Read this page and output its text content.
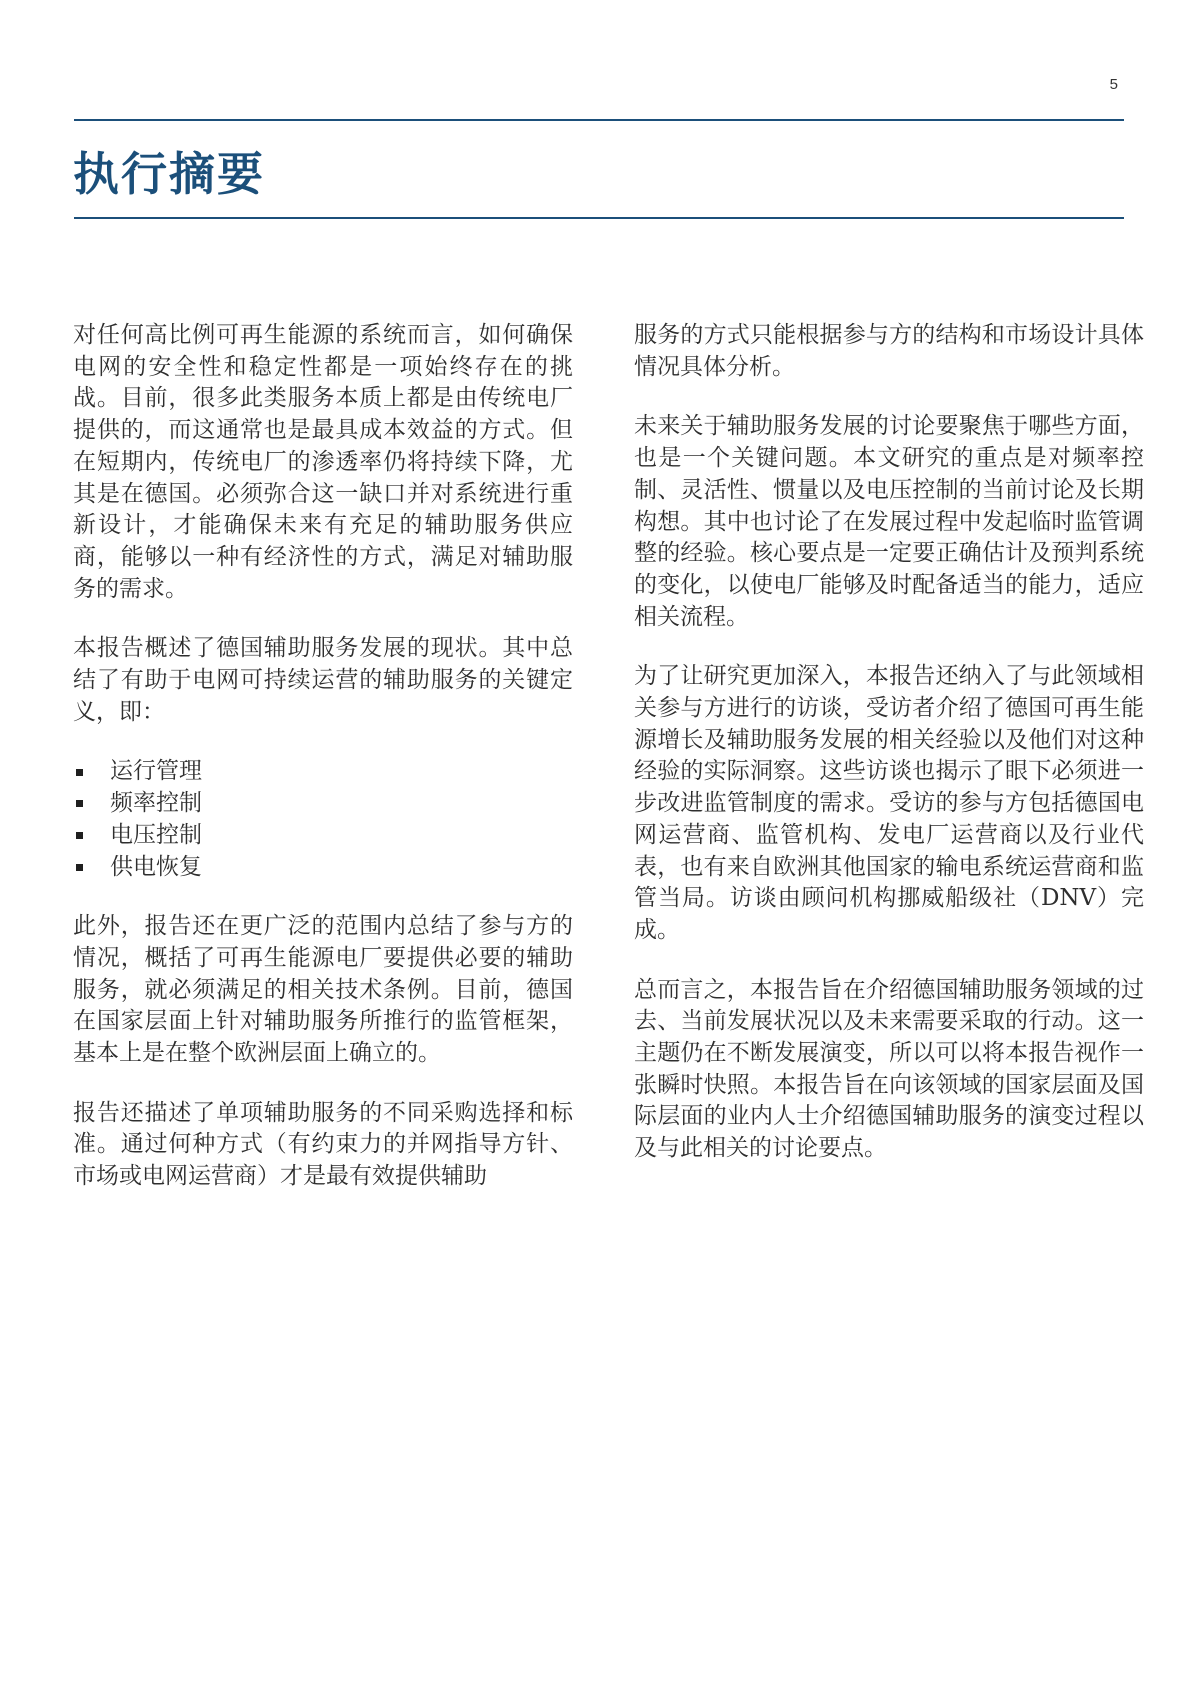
5
执行摘要

对任何高比例可再生能源的系统而言，如何确保电网的安全性和稳定性都是一项始终存在的挑战。目前，很多此类服务本质上都是由传统电厂提供的，而这通常也是最具成本效益的方式。但在短期内，传统电厂的渗透率仍将持续下降，尤其是在德国。必须弥合这一缺口并对系统进行重新设计，才能确保未来有充足的辅助服务供应商，能够以一种有经济性的方式，满足对辅助服务的需求。

本报告概述了德国辅助服务发展的现状。其中总结了有助于电网可持续运营的辅助服务的关键定义，即：

运行管理
频率控制
电压控制
供电恢复

此外，报告还在更广泛的范围内总结了参与方的情况，概括了可再生能源电厂要提供必要的辅助服务，就必须满足的相关技术条例。目前，德国在国家层面上针对辅助服务所推行的监管框架，基本上是在整个欧洲层面上确立的。

报告还描述了单项辅助服务的不同采购选择和标准。通过何种方式（有约束力的并网指导方针、市场或电网运营商）才是最有效提供辅助

服务的方式只能根据参与方的结构和市场设计具体情况具体分析。

未来关于辅助服务发展的讨论要聚焦于哪些方面，也是一个关键问题。本文研究的重点是对频率控制、灵活性、惯量以及电压控制的当前讨论及长期构想。其中也讨论了在发展过程中发起临时监管调整的经验。核心要点是一定要正确估计及预判系统的变化，以使电厂能够及时配备适当的能力，适应相关流程。

为了让研究更加深入，本报告还纳入了与此领域相关参与方进行的访谈，受访者介绍了德国可再生能源增长及辅助服务发展的相关经验以及他们对这种经验的实际洞察。这些访谈也揭示了眼下必须进一步改进监管制度的需求。受访的参与方包括德国电网运营商、监管机构、发电厂运营商以及行业代表，也有来自欧洲其他国家的输电系统运营商和监管当局。访谈由顾问机构挪威船级社（DNV）完成。

总而言之，本报告旨在介绍德国辅助服务领域的过去、当前发展状况以及未来需要采取的行动。这一主题仍在不断发展演变，所以可以将本报告视作一张瞬时快照。本报告旨在向该领域的国家层面及国际层面的业内人士介绍德国辅助服务的演变过程以及与此相关的讨论要点。
